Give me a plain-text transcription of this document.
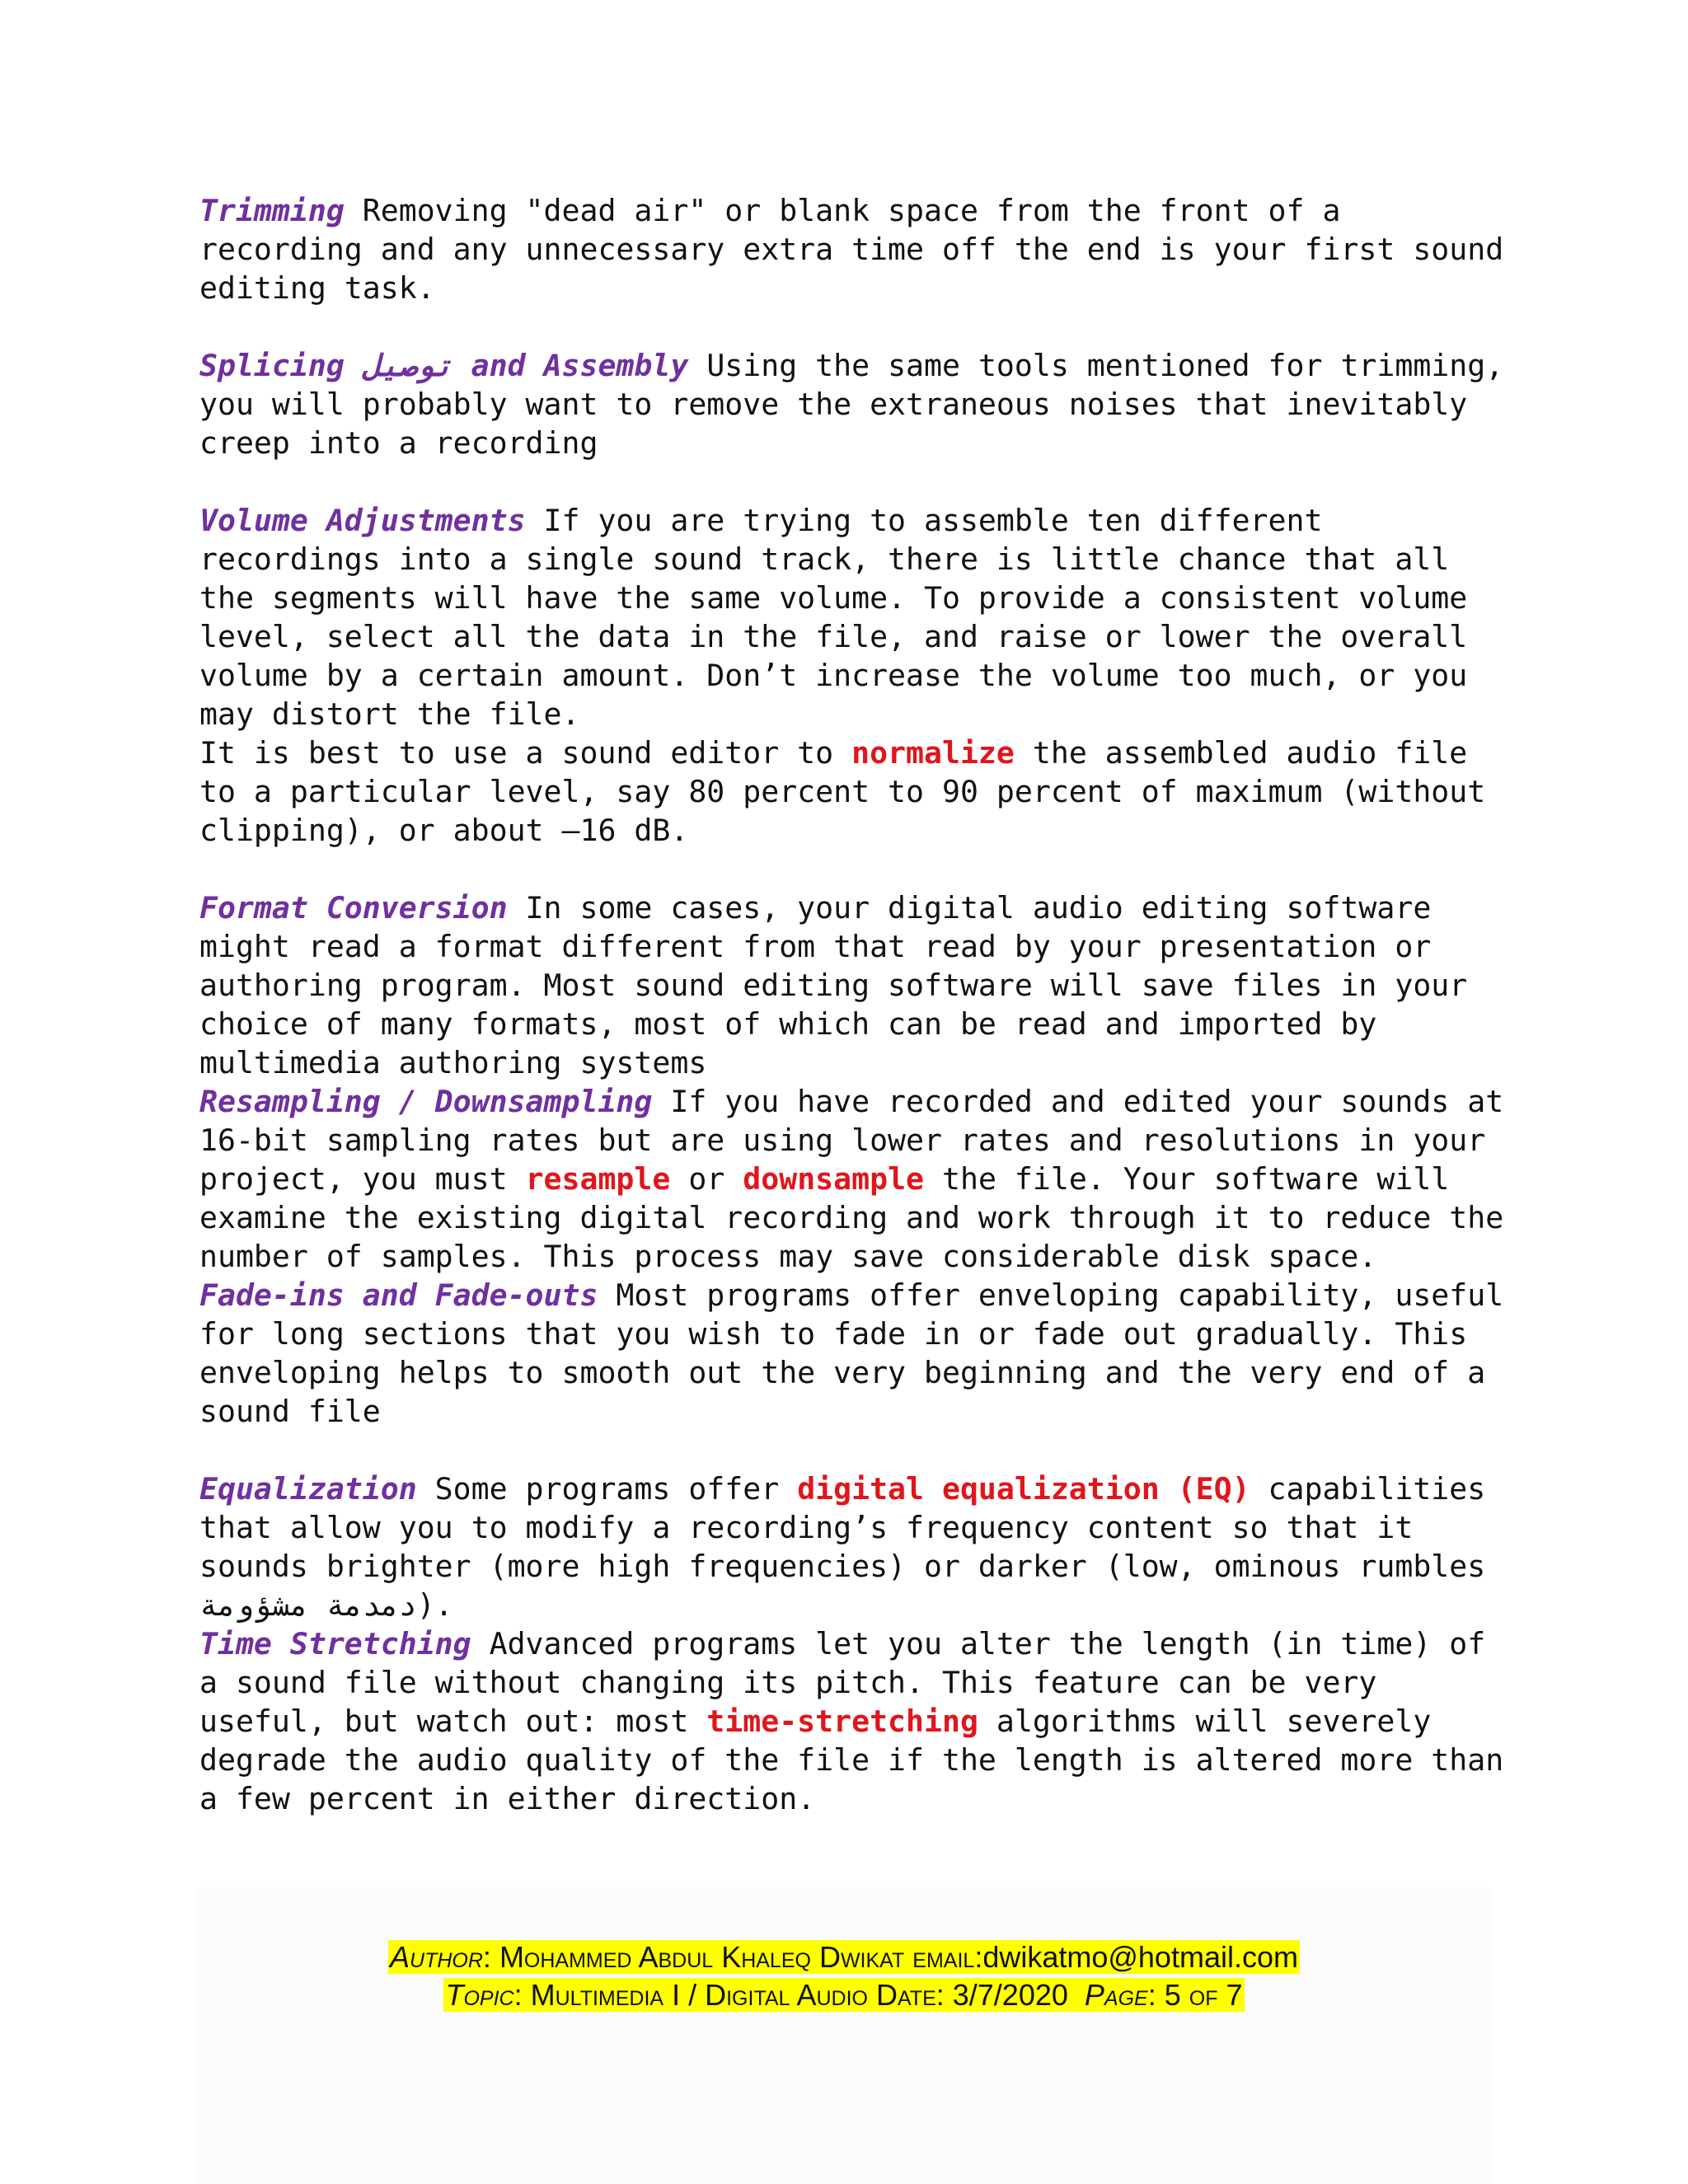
Trimming Removing "dead air" or blank space from the front of a recording and any unnecessary extra time off the end is your first sound editing task.
Splicing توصيل and Assembly Using the same tools mentioned for trimming, you will probably want to remove the extraneous noises that inevitably creep into a recording
Volume Adjustments If you are trying to assemble ten different recordings into a single sound track, there is little chance that all the segments will have the same volume. To provide a consistent volume level, select all the data in the file, and raise or lower the overall volume by a certain amount. Don’t increase the volume too much, or you may distort the file.
It is best to use a sound editor to normalize the assembled audio file to a particular level, say 80 percent to 90 percent of maximum (without clipping), or about –16 dB.
Format Conversion In some cases, your digital audio editing software might read a format different from that read by your presentation or authoring program. Most sound editing software will save files in your choice of many formats, most of which can be read and imported by multimedia authoring systems
Resampling / Downsampling If you have recorded and edited your sounds at 16-bit sampling rates but are using lower rates and resolutions in your project, you must resample or downsample the file. Your software will examine the existing digital recording and work through it to reduce the number of samples. This process may save considerable disk space.
Fade-ins and Fade-outs Most programs offer enveloping capability, useful for long sections that you wish to fade in or fade out gradually. This enveloping helps to smooth out the very beginning and the very end of a sound file
Equalization Some programs offer digital equalization (EQ) capabilities that allow you to modify a recording’s frequency content so that it sounds brighter (more high frequencies) or darker (low, ominous rumbles دمدمة مشؤومة).
Time Stretching Advanced programs let you alter the length (in time) of a sound file without changing its pitch. This feature can be very useful, but watch out: most time-stretching algorithms will severely degrade the audio quality of the file if the length is altered more than a few percent in either direction.
Author: Mohammed Abdul Khaleq Dwikat email:dwikatmo@hotmail.com
Topic: Multimedia I / Digital Audio Date: 3/7/2020  Page: 5 of 7
